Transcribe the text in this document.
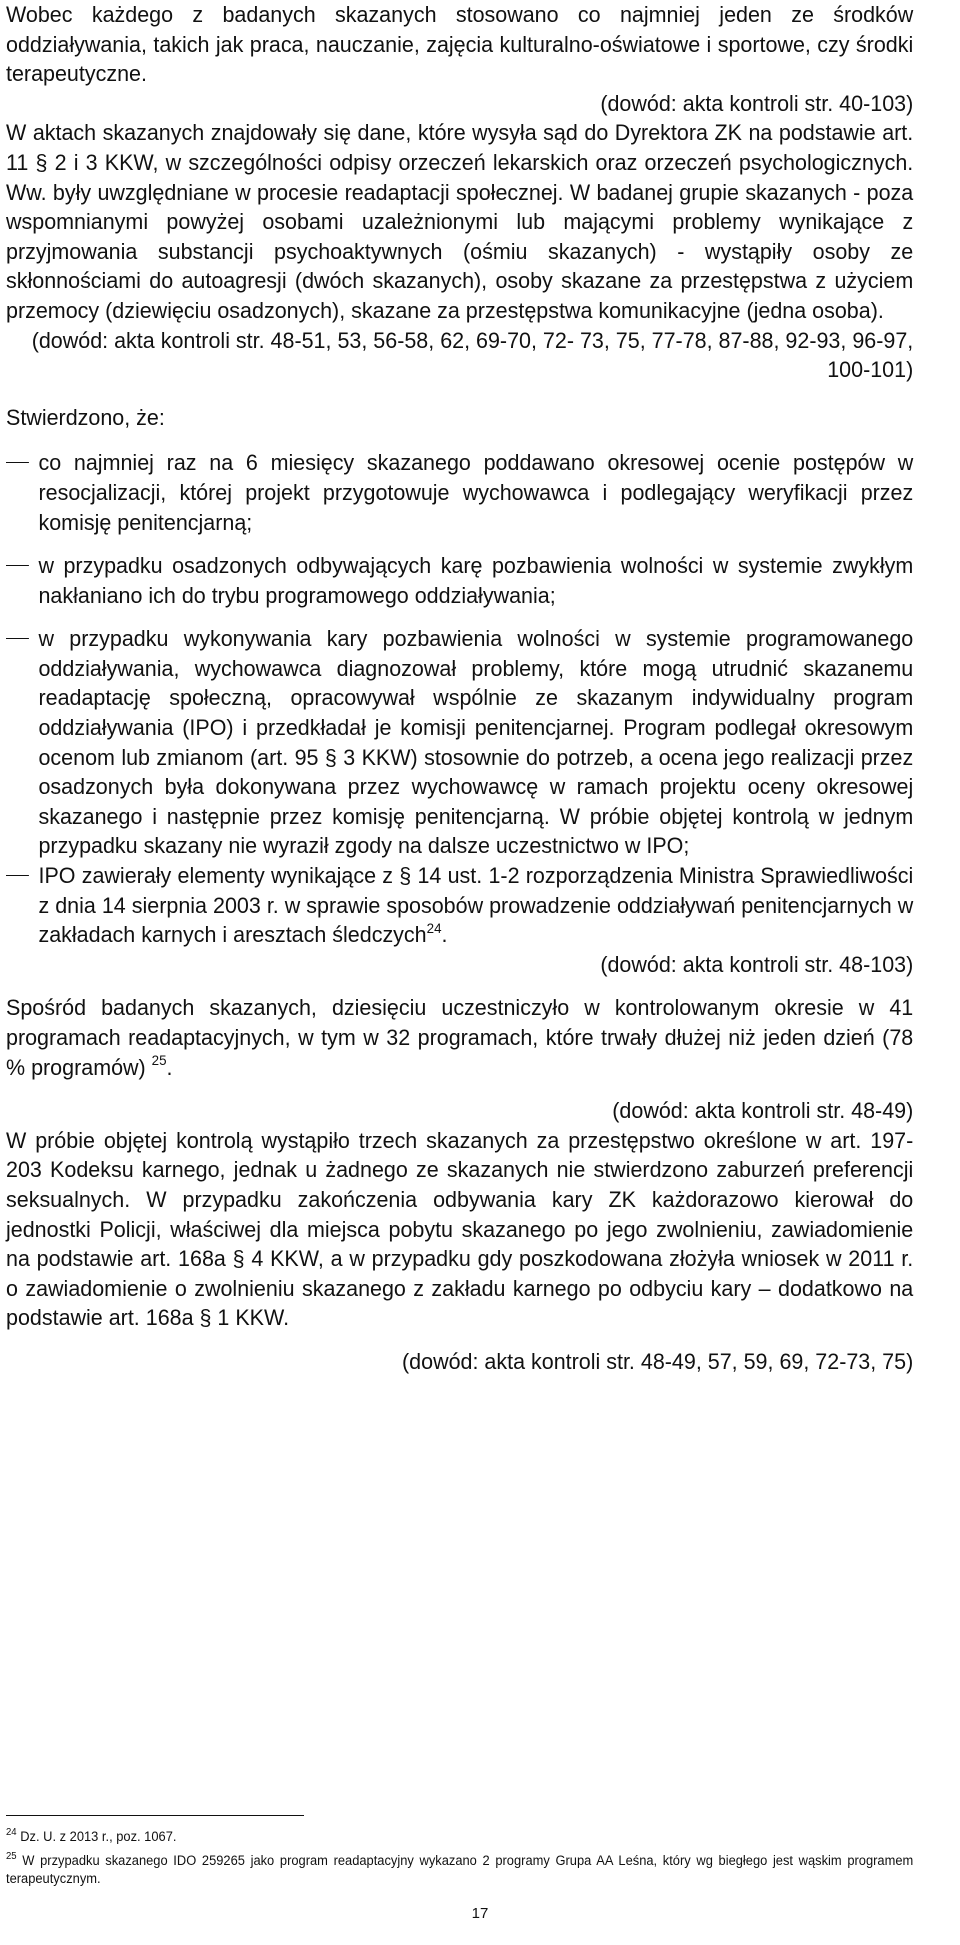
Wobec każdego z badanych skazanych stosowano co najmniej jeden ze środków oddziaływania, takich jak praca, nauczanie, zajęcia kulturalno-oświatowe i sportowe, czy środki terapeutyczne.

(dowód: akta kontroli str. 40-103)

W aktach skazanych znajdowały się dane, które wysyła sąd do Dyrektora ZK na podstawie art. 11 § 2 i 3 KKW, w szczególności odpisy orzeczeń lekarskich oraz orzeczeń psychologicznych. Ww. były uwzględniane w procesie readaptacji społecznej. W badanej grupie skazanych - poza wspomnianymi powyżej osobami uzależnionymi lub mającymi problemy wynikające z przyjmowania substancji psychoaktywnych (ośmiu skazanych) - wystąpiły osoby ze skłonnościami do autoagresji (dwóch skazanych), osoby skazane za przestępstwa z użyciem przemocy (dziewięciu osadzonych), skazane za przestępstwa komunikacyjne (jedna osoba).

(dowód: akta kontroli str. 48-51, 53, 56-58, 62, 69-70, 72- 73, 75, 77-78, 87-88, 92-93, 96-97, 100-101)

Stwierdzono, że:

co najmniej raz na 6 miesięcy skazanego poddawano okresowej ocenie postępów w resocjalizacji, której projekt przygotowuje wychowawca i podlegający weryfikacji przez komisję penitencjarną;

w przypadku osadzonych odbywających karę pozbawienia wolności w systemie zwykłym nakłaniano ich do trybu programowego oddziaływania;

w przypadku wykonywania kary pozbawienia wolności w systemie programowanego oddziaływania, wychowawca diagnozował problemy, które mogą utrudnić skazanemu readaptację społeczną, opracowywał wspólnie ze skazanym indywidualny program oddziaływania (IPO) i przedkładał je komisji penitencjarnej. Program podlegał okresowym ocenom lub zmianom (art. 95 § 3 KKW) stosownie do potrzeb, a ocena jego realizacji przez osadzonych była dokonywana przez wychowawcę w ramach projektu oceny okresowej skazanego i następnie przez komisję penitencjarną. W próbie objętej kontrolą w jednym przypadku skazany nie wyraził zgody na dalsze uczestnictwo w IPO;

IPO zawierały elementy wynikające z § 14 ust. 1-2 rozporządzenia Ministra Sprawiedliwości z dnia 14 sierpnia 2003 r. w sprawie sposobów prowadzenie oddziaływań penitencjarnych w zakładach karnych i aresztach śledczych$^{24}$.

(dowód: akta kontroli str. 48-103)

Spośród badanych skazanych, dziesięciu uczestniczyło w kontrolowanym okresie w 41 programach readaptacyjnych, w tym w 32 programach, które trwały dłużej niż jeden dzień (78 % programów) $^{25}$.

(dowód: akta kontroli str. 48-49)

W próbie objętej kontrolą wystąpiło trzech skazanych za przestępstwo określone w art. 197-203 Kodeksu karnego, jednak u żadnego ze skazanych nie stwierdzono zaburzeń preferencji seksualnych. W przypadku zakończenia odbywania kary ZK każdorazowo kierował do jednostki Policji, właściwej dla miejsca pobytu skazanego po jego zwolnieniu, zawiadomienie na podstawie art. 168a § 4 KKW, a w przypadku gdy poszkodowana złożyła wniosek w 2011 r. o zawiadomienie o zwolnieniu skazanego z zakładu karnego po odbyciu kary – dodatkowo na podstawie art. 168a § 1 KKW.

(dowód: akta kontroli str. 48-49, 57, 59, 69, 72-73, 75)

$^{24}$ Dz. U. z 2013 r., poz. 1067.

$^{25}$ W przypadku skazanego IDO 259265 jako program readaptacyjny wykazano 2 programy Grupa AA Leśna, który wg biegłego jest wąskim programem terapeutycznym.

17
